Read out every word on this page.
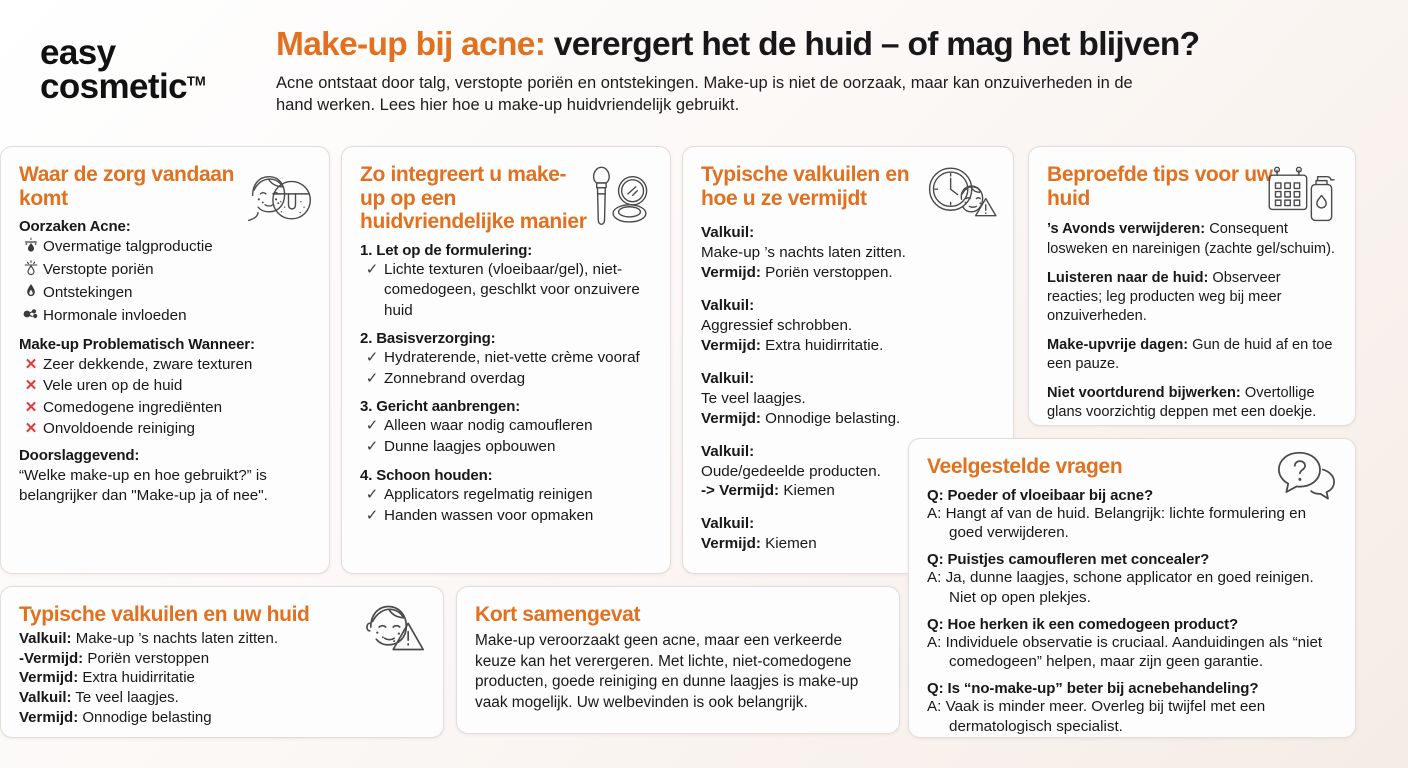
easy
cosmetic™
Make-up bij acne: verergert het de huid – of mag het blijven?
Acne ontstaat door talg, verstopte poriën en ontstekingen. Make-up is niet de oorzaak, maar kan onzuiverheden in de hand werken. Lees hier hoe u make-up huidvriendelijk gebruikt.
Waar de zorg vandaan komt
Oorzaken Acne:
Overmatige talgproductie
Verstopte poriën
Ontstekingen
Hormonale invloeden
Make-up Problematisch Wanneer:
✕ Zeer dekkende, zware texturen
✕ Vele uren op de huid
✕ Comedogene ingrediënten
✕ Onvoldoende reiniging
Doorslaggevend:
“Welke make-up en hoe gebruikt?” is belangrijker dan "Make-up ja of nee".
Zo integreert u make-up op een huidvriendelijke manier
1. Let op de formulering:
✓ Lichte texturen (vloeibaar/gel), niet-comedogeen, geschlkt voor onzuivere huid
2. Basisverzorging:
✓ Hydraterende, niet-vette crème vooraf
✓ Zonnebrand overdag
3. Gericht aanbrengen:
✓ Alleen waar nodig camoufleren
✓ Dunne laagjes opbouwen
4. Schoon houden:
✓ Applicators regelmatig reinigen
✓ Handen wassen voor opmaken
Typische valkuilen en hoe u ze vermijdt
Valkuil:
Make-up ’s nachts laten zitten.
Vermijd: Poriën verstoppen.
Valkuil:
Aggressief schrobben.
Vermijd: Extra huidirritatie.
Valkuil:
Te veel laagjes.
Vermijd: Onnodige belasting.
Valkuil:
Oude/gedeelde producten.
-> Vermijd: Kiemen
Valkuil:
Vermijd: Kiemen
Beproefde tips voor uw huid
’s Avonds verwijderen: Consequent losweken en nareinigen (zachte gel/schuim).
Luisteren naar de huid: Observeer reacties; leg producten weg bij meer onzuiverheden.
Make-upvrije dagen: Gun de huid af en toe een pauze.
Niet voortdurend bijwerken: Overtollige glans voorzichtig deppen met een doekje.
Veelgestelde vragen
Q: Poeder of vloeibaar bij acne?
A: Hangt af van de huid. Belangrijk: lichte formulering en goed verwijderen.
Q: Puistjes camoufleren met concealer?
A: Ja, dunne laagjes, schone applicator en goed reinigen. Niet op open plekjes.
Q: Hoe herken ik een comedogeen product?
A: Individuele observatie is cruciaal. Aanduidingen als “niet comedogeen” helpen, maar zijn geen garantie.
Q: Is “no-make-up” beter bij acnebehandeling?
A: Vaak is minder meer. Overleg bij twijfel met een dermatologisch specialist.
Typische valkuilen en uw huid
Valkuil: Make-up ’s nachts laten zitten.
-Vermijd: Poriën verstoppen
Vermijd: Extra huidirritatie
Valkuil: Te veel laagjes.
Vermijd: Onnodige belasting
Kort samengevat
Make-up veroorzaakt geen acne, maar een verkeerde keuze kan het verergeren. Met lichte, niet-comedogene producten, goede reiniging en dunne laagjes is make-up vaak mogelijk. Uw welbevinden is ook belangrijk.
